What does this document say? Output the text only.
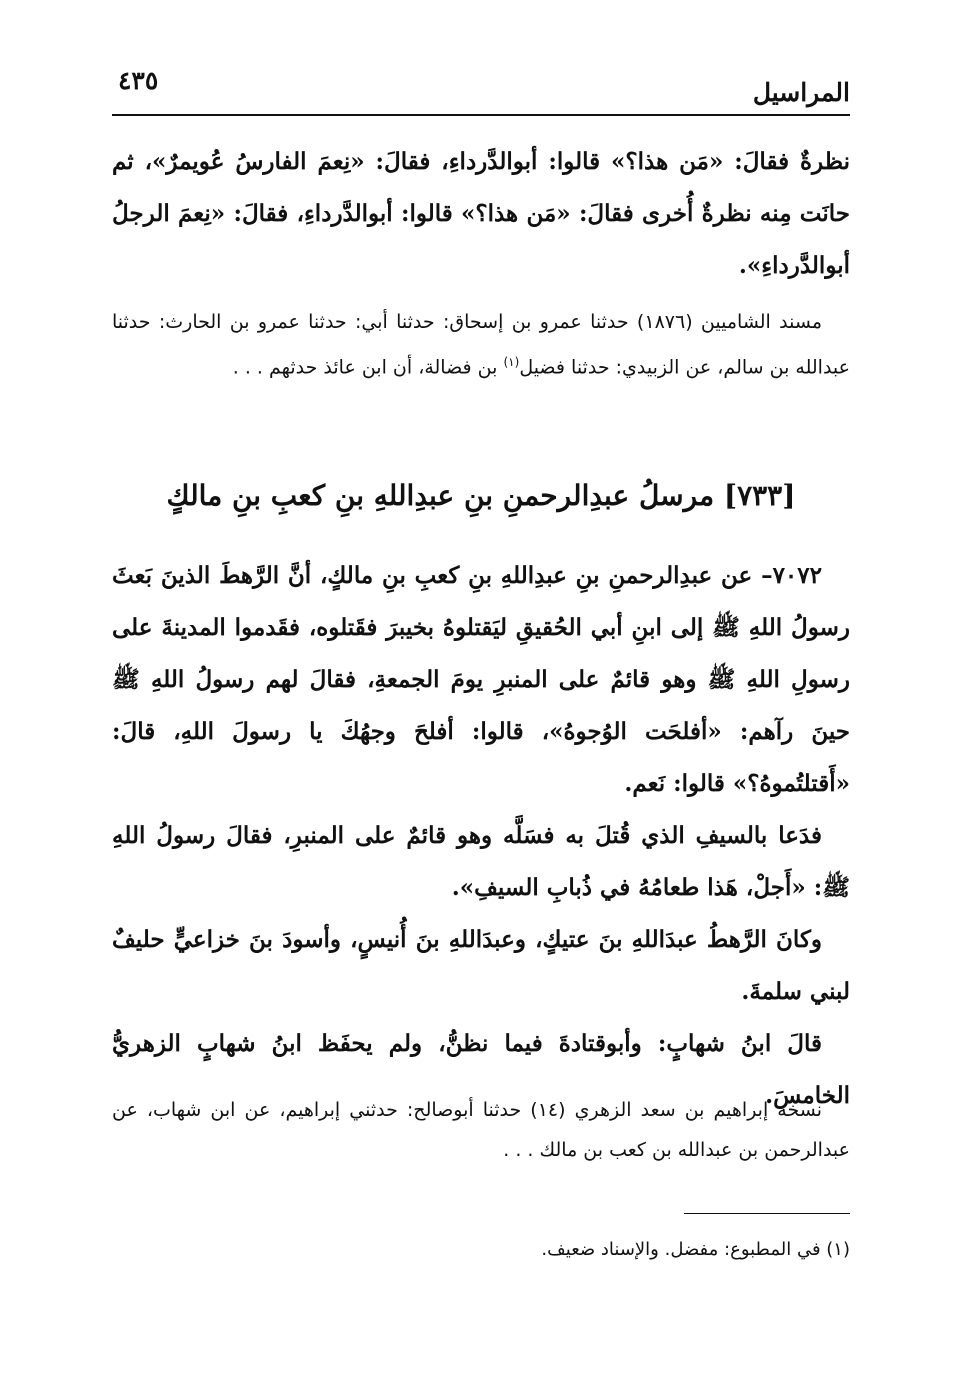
المراسيل
٤٣٥

نظرةٌ فقالَ: «مَن هذا؟» قالوا: أبوالدَّرداءِ، فقالَ: «نِعمَ الفارسُ عُويمرٌ»، ثم حانَت مِنه نظرةٌ أُخرى فقالَ: «مَن هذا؟» قالوا: أبوالدَّرداءِ، فقالَ: «نِعمَ الرجلُ أبوالدَّرداءِ».

مسند الشاميين (١٨٧٦) حدثنا عمرو بن إسحاق: حدثنا أبي: حدثنا عمرو بن الحارث: حدثنا عبدالله بن سالم، عن الزبيدي: حدثنا فضيل$^{(١)}$ بن فضالة، أن ابن عائذ حدثهم . . .

[٧٣٣] مرسلُ عبدِالرحمنِ بنِ عبدِاللهِ بنِ كعبِ بنِ مالكٍ

٧٠٧٢– عن عبدِالرحمنِ بنِ عبدِاللهِ بنِ كعبِ بنِ مالكٍ، أنَّ الرَّهطَ الذينَ بَعثَ رسولُ اللهِ ﷺ إلى ابنِ أبي الحُقيقِ ليَقتلوهُ بخيبرَ فقَتلوه، فقَدموا المدينةَ على رسولِ اللهِ ﷺ وهو قائمٌ على المنبرِ يومَ الجمعةِ، فقالَ لهم رسولُ اللهِ ﷺ حينَ رآهم: «أفلحَت الوُجوهُ»، قالوا: أفلحَ وجهُكَ يا رسولَ اللهِ، قالَ: «أَقتلتُموهُ؟» قالوا: نَعم.

فدَعا بالسيفِ الذي قُتلَ به فسَلَّه وهو قائمٌ على المنبرِ، فقالَ رسولُ اللهِ ﷺ: «أَجلْ، هَذا طعامُهُ في ذُبابِ السيفِ».

وكانَ الرَّهطُ عبدَاللهِ بنَ عتيكٍ، وعبدَاللهِ بنَ أُنيسٍ، وأسودَ بنَ خزاعيٍّ حليفٌ لبني سلمةَ.

قالَ ابنُ شهابٍ: وأبوقتادةَ فيما نظنُّ، ولم يحفَظ ابنُ شهابٍ الزهريُّ الخامسَ.

نسخة إبراهيم بن سعد الزهري (١٤) حدثنا أبوصالح: حدثني إبراهيم، عن ابن شهاب، عن عبدالرحمن بن عبدالله بن كعب بن مالك . . .

(١) في المطبوع: مفضل. والإسناد ضعيف.
